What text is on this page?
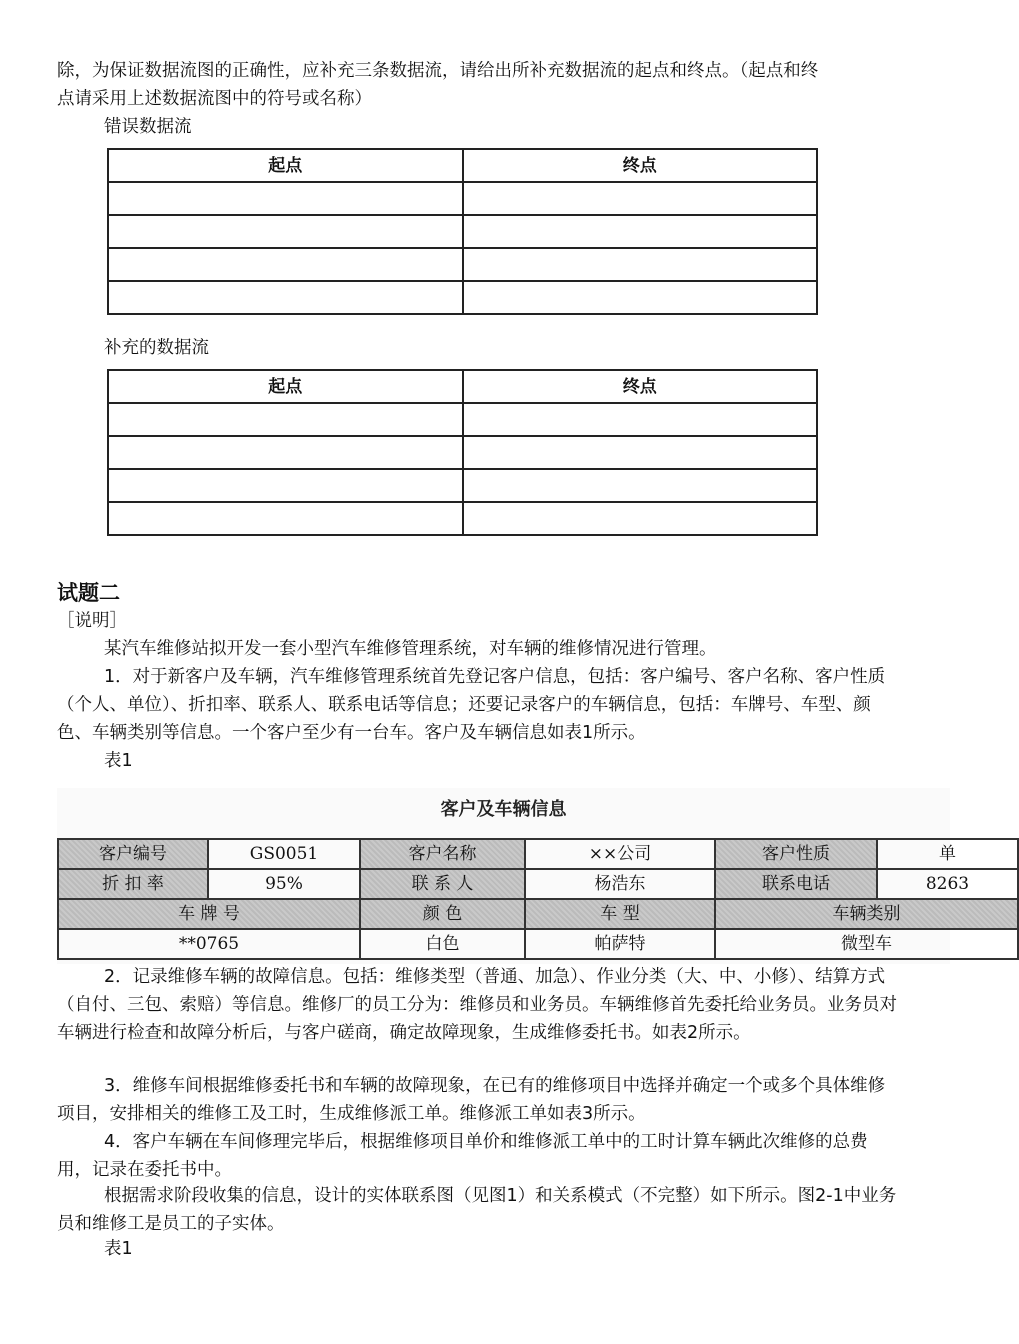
除，为保证数据流图的正确性，应补充三条数据流，请给出所补充数据流的起点和终点。（起点和终

点请采用上述数据流图中的符号或名称）

错误数据流

起点	终点

补充的数据流

起点	终点

试题二

［说明］

某汽车维修站拟开发一套小型汽车维修管理系统，对车辆的维修情况进行管理。

1．对于新客户及车辆，汽车维修管理系统首先登记客户信息，包括：客户编号、客户名称、客户性质（个人、单位）、折扣率、联系人、联系电话等信息；还要记录客户的车辆信息，包括：车牌号、车型、颜色、车辆类别等信息。一个客户至少有一台车。客户及车辆信息如表1所示。

表1

客户及车辆信息
客户编号	GS0051	客户名称	××公司	客户性质	单
折 扣 率	95%	联 系 人	杨浩东	联系电话	8263
车 牌 号		颜 色	车 型	车辆类别	
**0765		白色	帕萨特	微型车	

2．记录维修车辆的故障信息。包括：维修类型（普通、加急）、作业分类（大、中、小修）、结算方式（自付、三包、索赔）等信息。维修厂的员工分为：维修员和业务员。车辆维修首先委托给业务员。业务员对车辆进行检查和故障分析后，与客户磋商，确定故障现象，生成维修委托书。如表2所示。

3．维修车间根据维修委托书和车辆的故障现象，在已有的维修项目中选择并确定一个或多个具体维修项目，安排相关的维修工及工时，生成维修派工单。维修派工单如表3所示。

4．客户车辆在车间修理完毕后，根据维修项目单价和维修派工单中的工时计算车辆此次维修的总费用，记录在委托书中。

根据需求阶段收集的信息，设计的实体联系图（见图1）和关系模式（不完整）如下所示。图2-1中业务员和维修工是员工的子实体。

表1
